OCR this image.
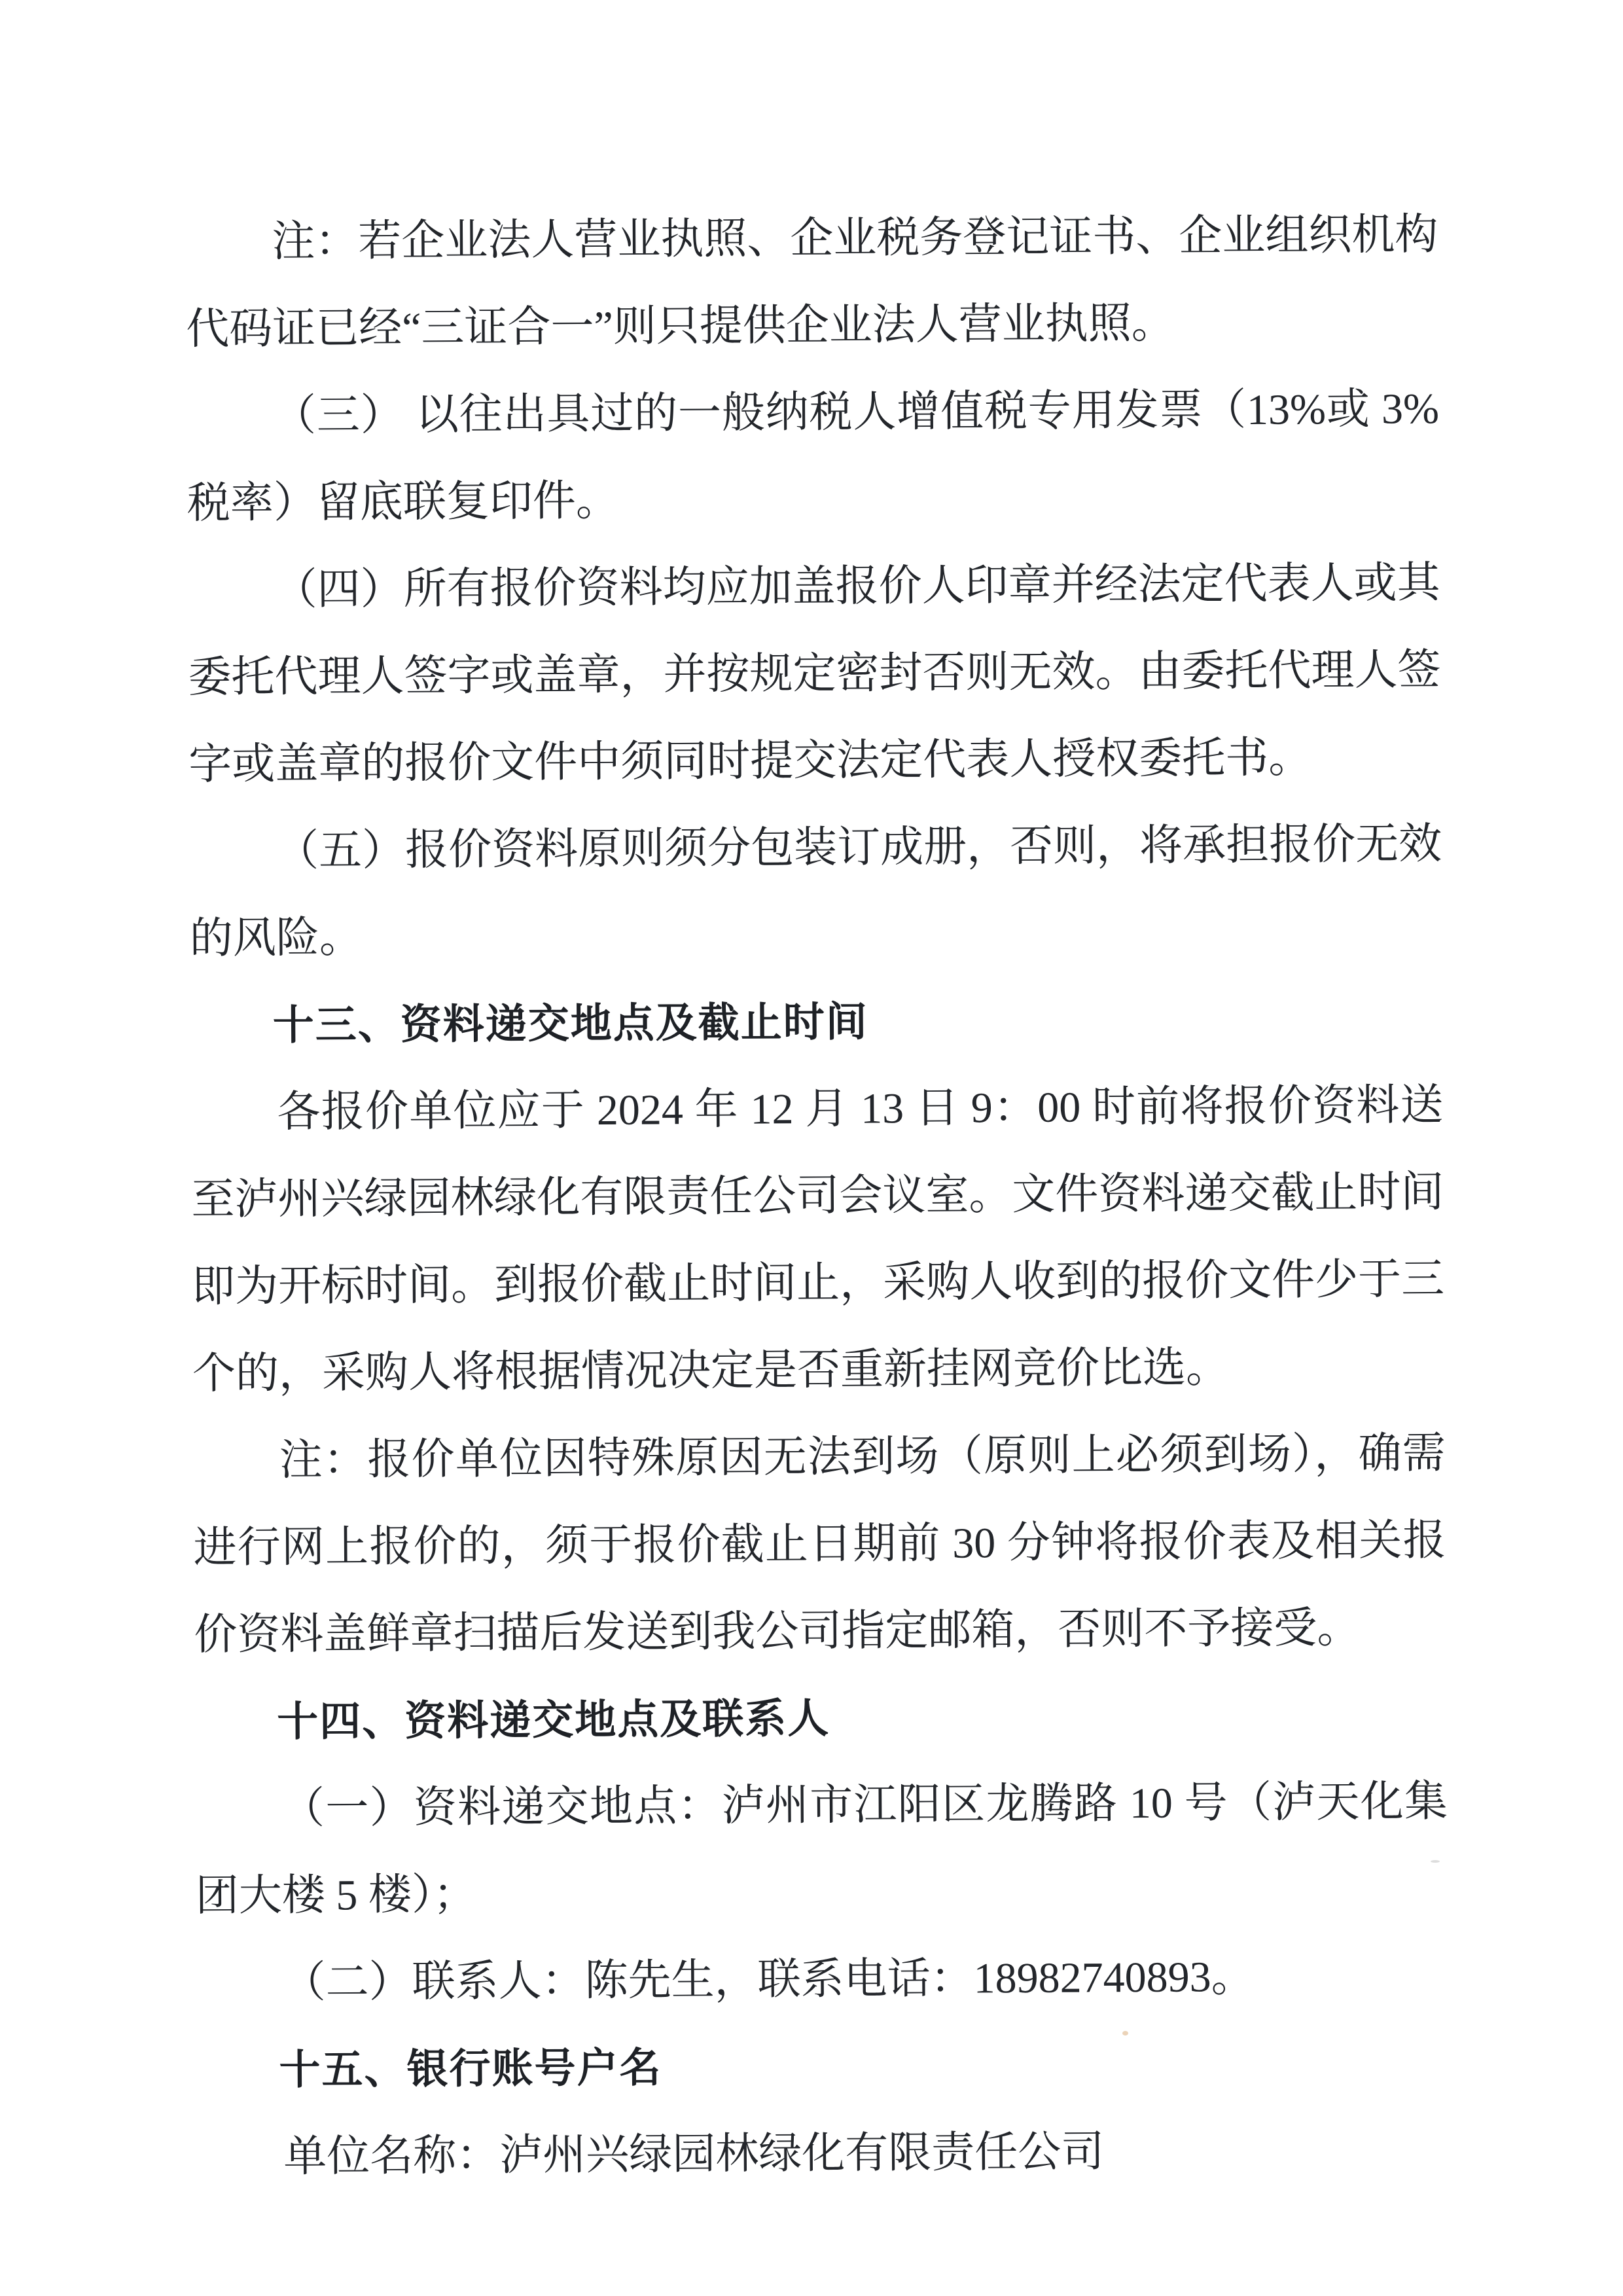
注：若企业法人营业执照、企业税务登记证书、企业组织机构代码证已经“三证合一”则只提供企业法人营业执照。

（三） 以往出具过的一般纳税人增值税专用发票（13%或 3%税率）留底联复印件。

（四）所有报价资料均应加盖报价人印章并经法定代表人或其委托代理人签字或盖章，并按规定密封否则无效。由委托代理人签字或盖章的报价文件中须同时提交法定代表人授权委托书。

（五）报价资料原则须分包装订成册，否则，将承担报价无效的风险。

十三、资料递交地点及截止时间

各报价单位应于 2024 年 12 月 13 日 9：00 时前将报价资料送至泸州兴绿园林绿化有限责任公司会议室。文件资料递交截止时间即为开标时间。到报价截止时间止，采购人收到的报价文件少于三个的，采购人将根据情况决定是否重新挂网竞价比选。

注：报价单位因特殊原因无法到场（原则上必须到场），确需进行网上报价的，须于报价截止日期前 30 分钟将报价表及相关报价资料盖鲜章扫描后发送到我公司指定邮箱，否则不予接受。

十四、资料递交地点及联系人

（一）资料递交地点：泸州市江阳区龙腾路 10 号（泸天化集团大楼 5 楼）；

（二）联系人：陈先生，联系电话：18982740893。

十五、银行账号户名

单位名称：泸州兴绿园林绿化有限责任公司
